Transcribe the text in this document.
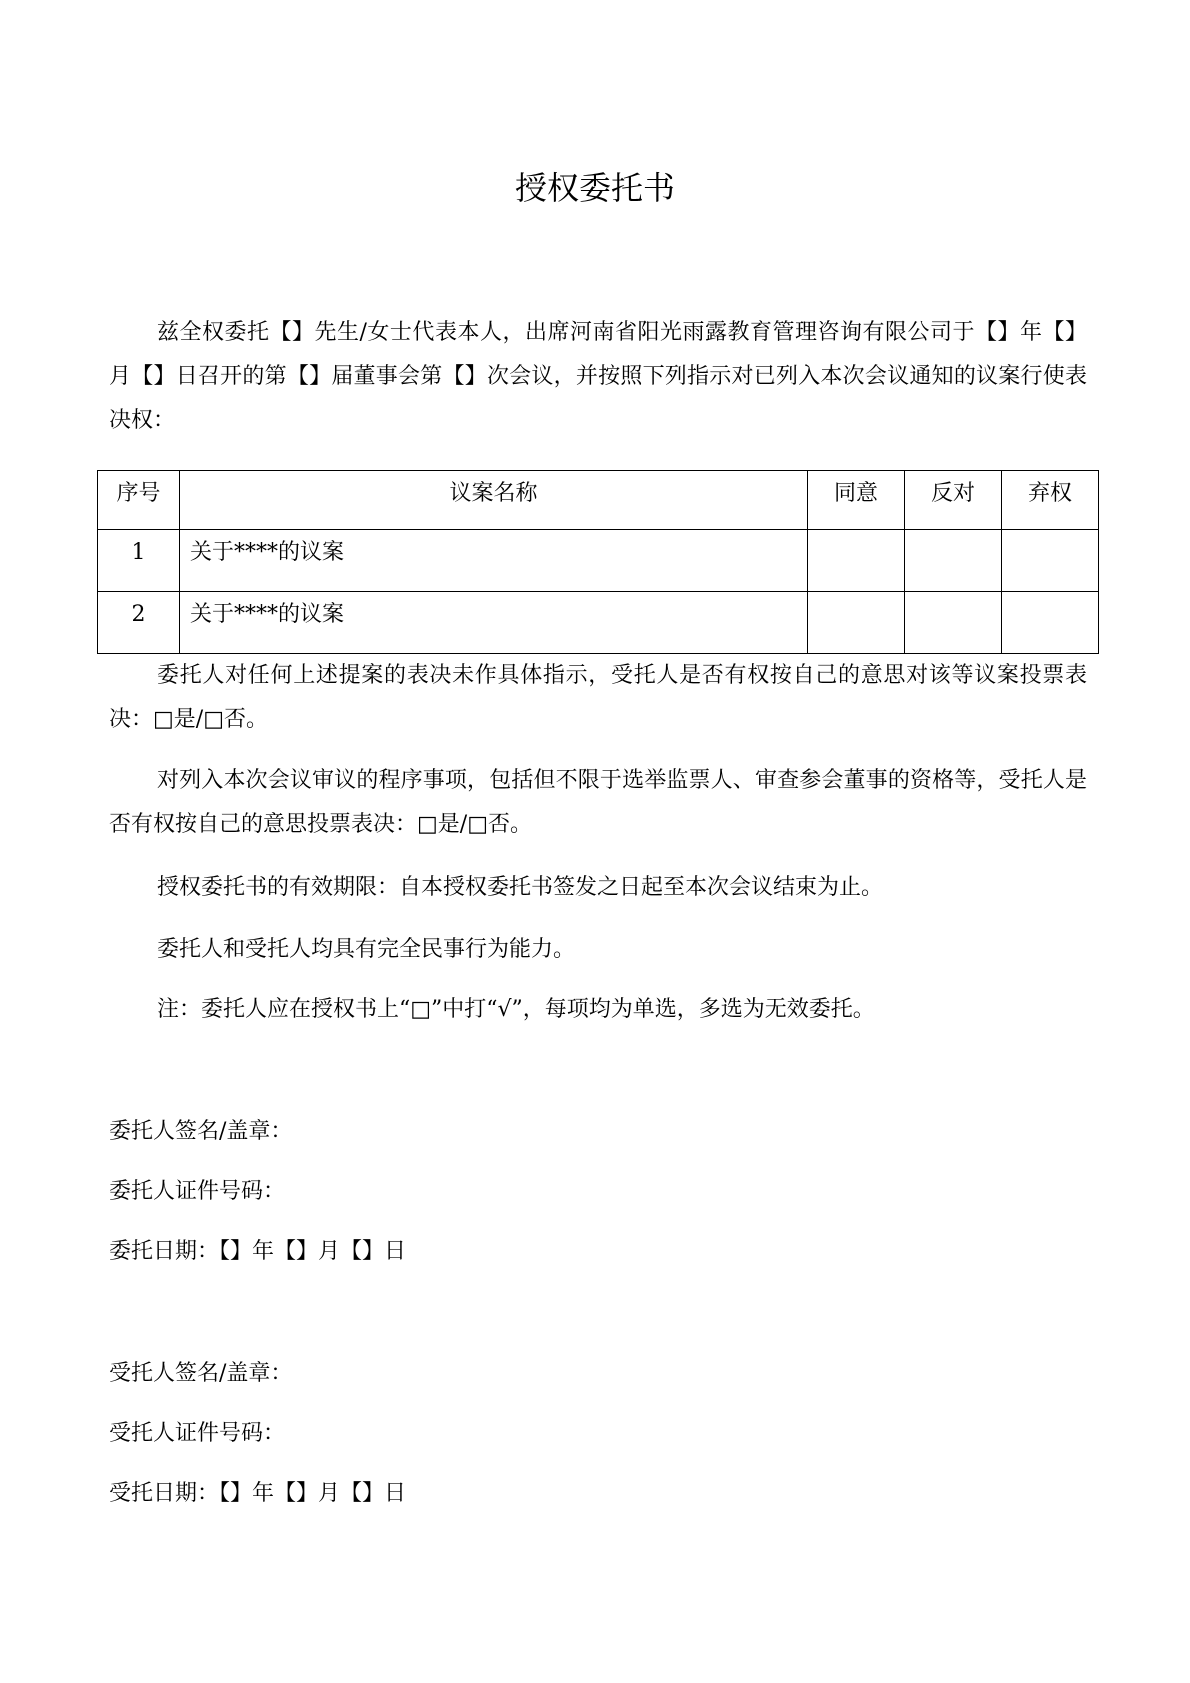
授权委托书

兹全权委托【】先生/女士代表本人，出席河南省阳光雨露教育管理咨询有限公司于【】年【】月【】日召开的第【】届董事会第【】次会议，并按照下列指示对已列入本次会议通知的议案行使表决权：

序号	议案名称	同意	反对	弃权
1	关于****的议案			
2	关于****的议案			

委托人对任何上述提案的表决未作具体指示，受托人是否有权按自己的意思对该等议案投票表决：□是/□否。

对列入本次会议审议的程序事项，包括但不限于选举监票人、审查参会董事的资格等，受托人是否有权按自己的意思投票表决：□是/□否。

授权委托书的有效期限：自本授权委托书签发之日起至本次会议结束为止。

委托人和受托人均具有完全民事行为能力。

注：委托人应在授权书上“□”中打“√”，每项均为单选，多选为无效委托。

委托人签名/盖章：

委托人证件号码：

委托日期：【】年【】月【】日

受托人签名/盖章：

受托人证件号码：

受托日期：【】年【】月【】日
